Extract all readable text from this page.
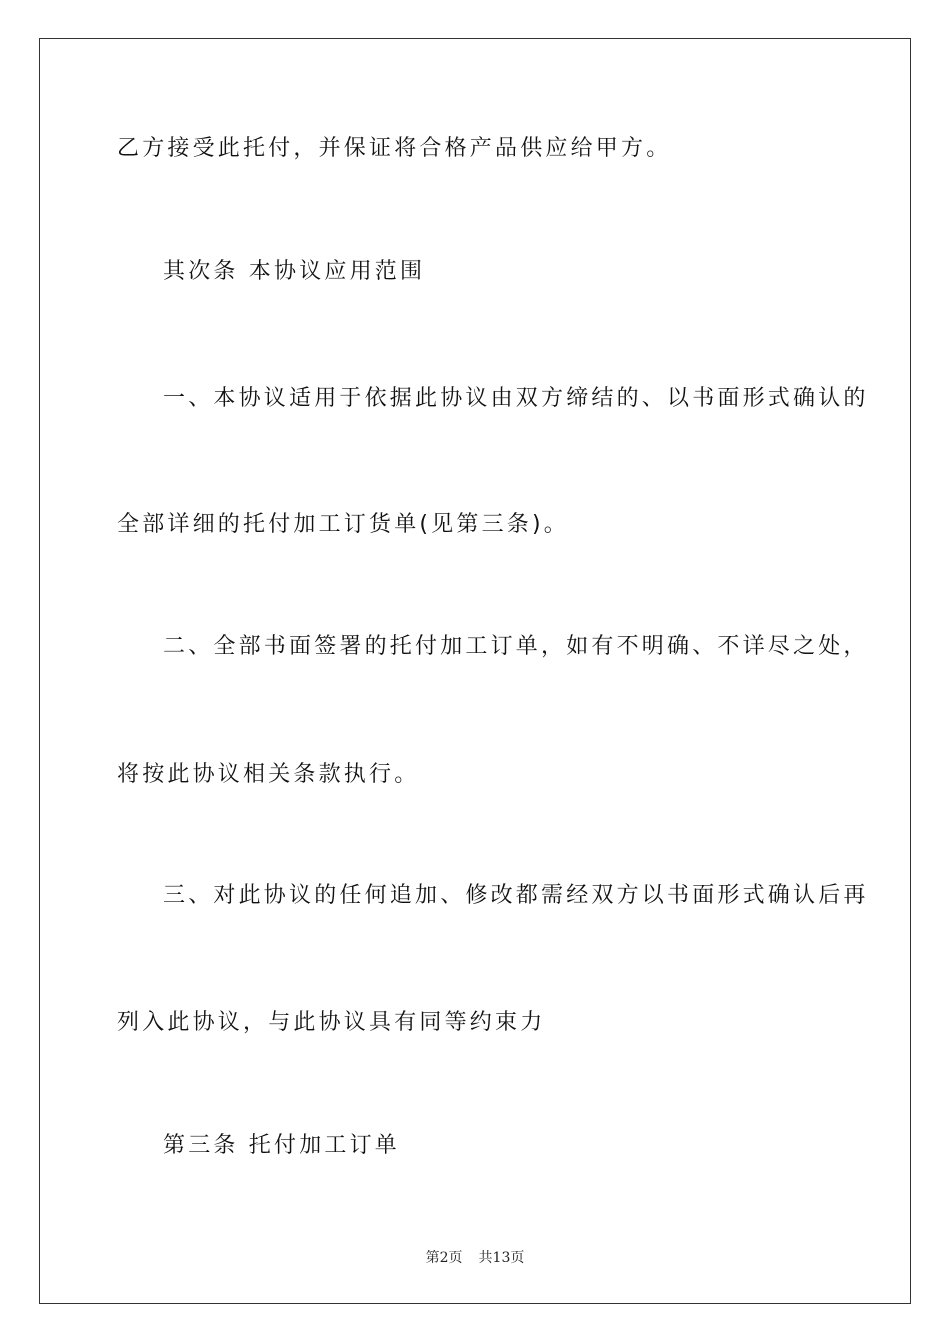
乙方接受此托付，并保证将合格产品供应给甲方。
其次条 本协议应用范围
一、本协议适用于依据此协议由双方缔结的、以书面形式确认的
全部详细的托付加工订货单(见第三条)。
二、全部书面签署的托付加工订单，如有不明确、不详尽之处，
将按此协议相关条款执行。
三、对此协议的任何追加、修改都需经双方以书面形式确认后再
列入此协议，与此协议具有同等约束力
第三条 托付加工订单
第2页 共13页
